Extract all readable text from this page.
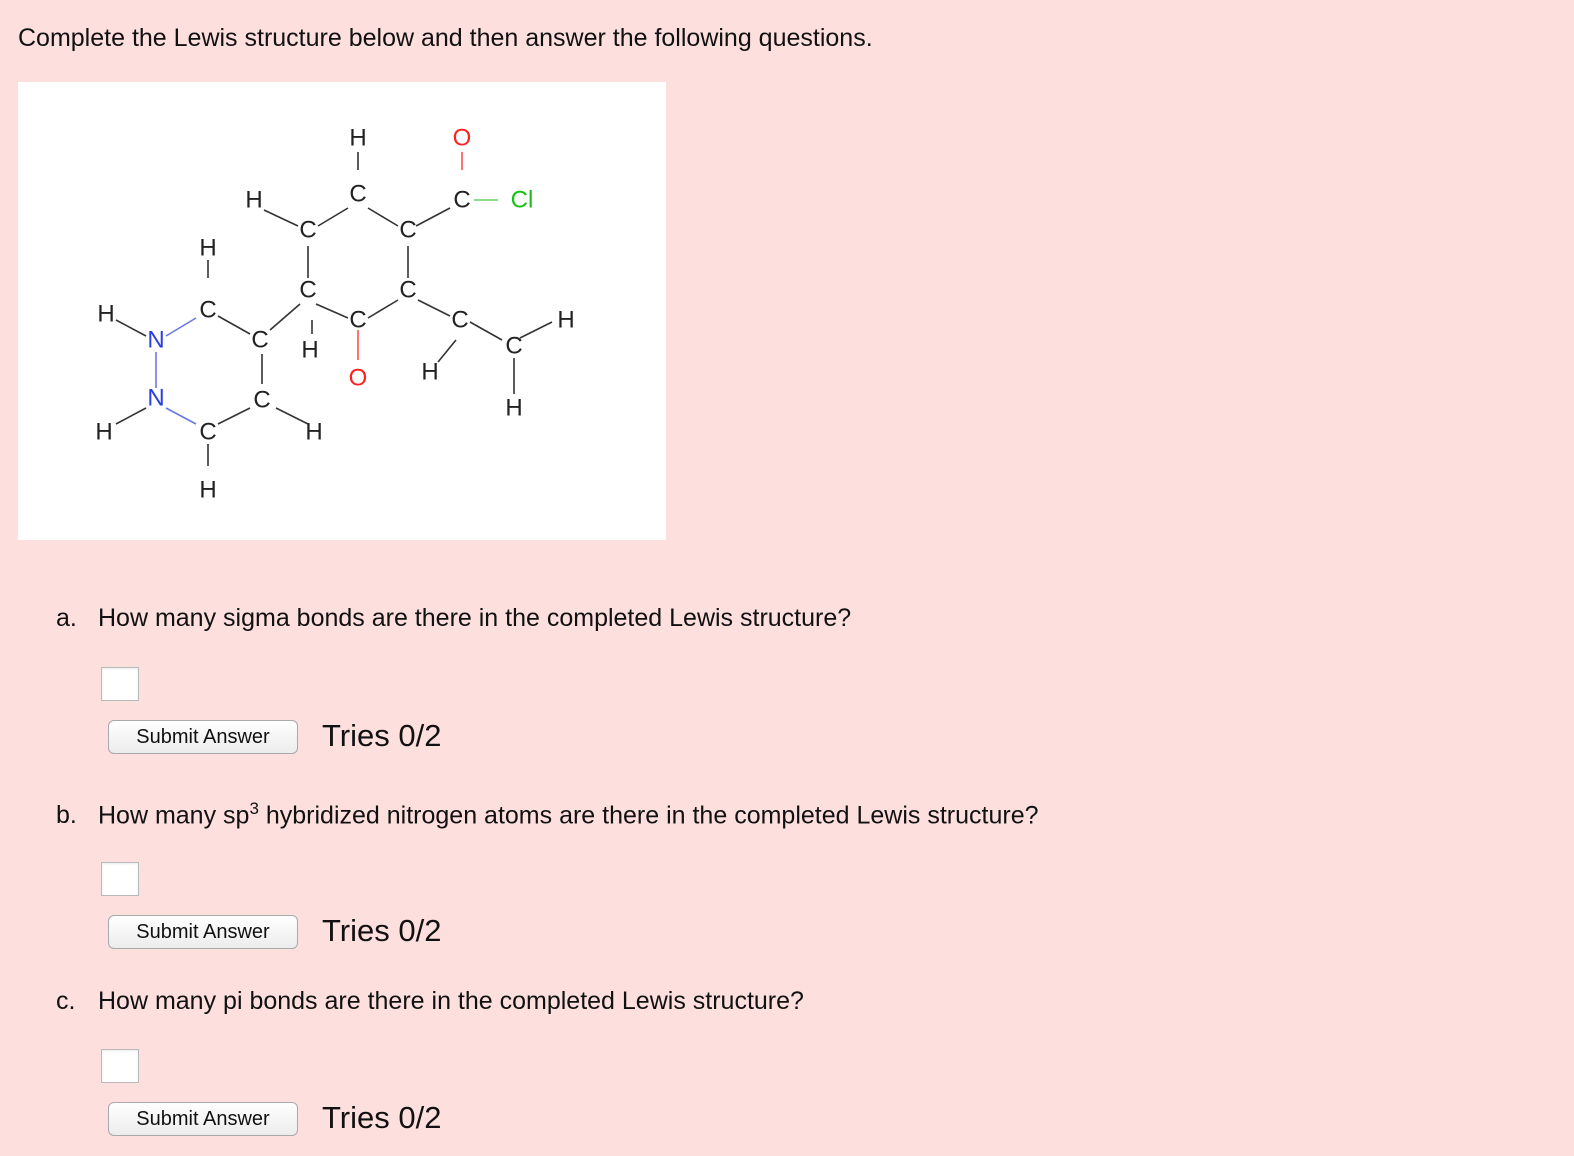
Complete the Lewis structure below and then answer the following questions.
H	O
C	C Cl
H
C	C
H
C	C
H	C
N	C H
C	C	H
O H
C
H
N
H	C
C
H
H

a. How many sigma bonds are there in the completed Lewis structure?

Submit Answer	Tries 0/2

b. How many $sp^3$ hybridized nitrogen atoms are there in the completed Lewis structure?

Submit Answer	Tries 0/2

c. How many pi bonds are there in the completed Lewis structure?

Submit Answer	Tries 0/2
